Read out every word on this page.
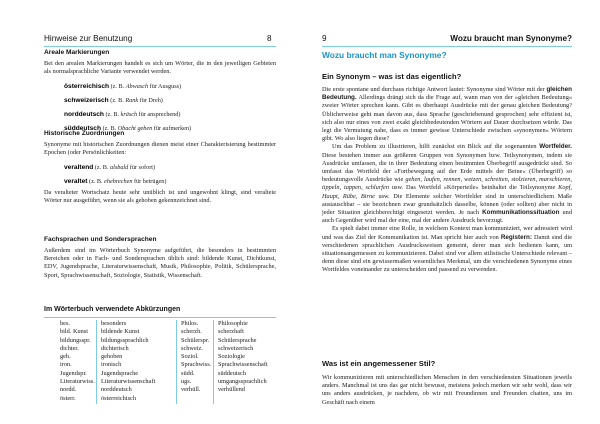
Hinweise zur Benutzung	8
Areale Markierungen

Bei den arealen Markierungen handelt es sich um Wörter, die in den jeweiligen Gebieten als normalsprachliche Variante verwendet werden.

österreichisch (z. B. Abwasch für Ausguss)
schweizerisch (z. B. Rank für Dreh)
norddeutsch (z. B. kräsch für ansprechend)
süddeutsch (z. B. Obacht geben für aufmerken)
Historische Zuordnungen

Synonyme mit historischen Zuordnungen dienen meist einer Charakterisierung bestimmter Epochen (oder Persönlichkeiten:

veraltend (z. B. alsbald für sofort)
veraltet (z. B. ehebrechen für betrügen)

Da veralteter Wortschatz heute sehr unüblich ist und ungewohnt klingt, sind veraltete Wörter nur ausgeführt, wenn sie als gehoben gekennzeichnet sind.

Fachsprachen und Sondersprachen

Außerdem sind im Wörterbuch Synonyme aufgeführt, die besonders in bestimmten Bereichen oder in Fach- und Sondersprachen üblich sind: bildende Kunst, Dichtkunst, EDV, Jugendsprache, Literaturwissenschaft, Musik, Philosophie, Politik, Schülersprache, Sport, Sprachwissenschaft, Soziologie, Statistik, Wissenschaft.

Im Wörterbuch verwendete Abkürzungen
bes.
bild. Kunst
bildungsspr.
dichter.
geh.
iron.
Jugendspr.
Literaturwiss.
nordd.
österr.
besonders
bildende Kunst
bildungssprachlich
dichterisch
gehoben
ironisch
Jugendsprache
Literaturwissenschaft
norddeutsch
österreichisch
Philos.
scherzh.
Schülerspr.
schweiz.
Soziol.
Sprachwiss.
südd.
ugs.
verhüll.
Philosophie
scherzhaft
Schülersprache
schweizerisch
Soziologie
Sprachwissenschaft
süddeutsch
umgangssprachlich
verhüllend
9	Wozu braucht man Synonyme?
Wozu braucht man Synonyme?
Ein Synonym – was ist das eigentlich?

Die erste spontane und durchaus richtige Antwort lautet: Synonyme sind Wörter mit der gleichen Bedeutung. Allerdings drängt sich da die Frage auf, wann man von der »gleichen Bedeutung« zweier Wörter sprechen kann. Gibt es überhaupt Ausdrücke mit der genau gleichen Bedeutung? Üblicherweise geht man davon aus, dass Sprache (geschriebenund gesprochen) sehr effizient ist, sich also nur eines von zwei exakt gleichbedeutenden Wörtern auf Dauer durchsetzen würde. Das legt die Vermutung nahe, dass es immer gewisse Unterschiede zwischen »synonymen« Wörtern gibt. Wo also liegen diese?

Um das Problem zu illustrieren, hilft zunächst ein Blick auf die sogenannten Wortfelder. Diese bestehen immer aus größeren Gruppen von Synonymen bzw. Teilsynonymen, indem sie Ausdrücke umfassen, die in ihrer Bedeutung einen bestimmten Überbegriff ausgedrückt sind. So umfasst das Wortfeld der »Fortbewegung auf der Erde mittels der Beine« (Überbegriff) so bedeutungsvolle Ausdrücke wie gehen, laufen, rennen, wetzen, schreiten, stolzieren, marschieren, tippeln, tappen, schlurfen usw. Das Wortfeld »Körperteile« beinhaltet die Teilsynonyme Kopf, Haupt, Rübe, Birne usw. Die Elemente solcher Wortfelder sind in unterschiedlichem Maße austauschbar – sie bezeichnen zwar grundsätzlich dasselbe, können (oder sollten) aber nicht in jeder Situation gleichberechtigt eingesetzt werden. Je nach Kommunikationssituation und auch Gegenüber wird mal der eine, mal der andere Ausdruck bevorzugt.

Es spielt dabei immer eine Rolle, in welchem Kontext man kommuniziert, wer adressiert wird und was das Ziel der Kommunikation ist. Man spricht hier auch von Registern: Damit sind die verschiedenen sprachlichen Ausdrucksweisen gemeint, derer man sich bedienen kann, um situationsangemessen zu kommunizieren. Dabei sind vor allem stilistische Unterschiede relevant – denn diese sind ein gewissermaßen wesentliches Merkmal, um die verschiedenen Synonyme eines Wortfeldes voneinander zu unterscheiden und passend zu verwenden.

Was ist ein angemessener Stil?

Wir kommunizieren mit unterschiedlichen Menschen in den verschiedensten Situationen jeweils anders. Manchmal ist uns das gar nicht bewusst, meistens jedoch merken wir sehr wohl, dass wir uns anders ausdrücken, je nachdem, ob wir mit Freundinnen und Freunden chatten, uns im Geschäft nach einem
